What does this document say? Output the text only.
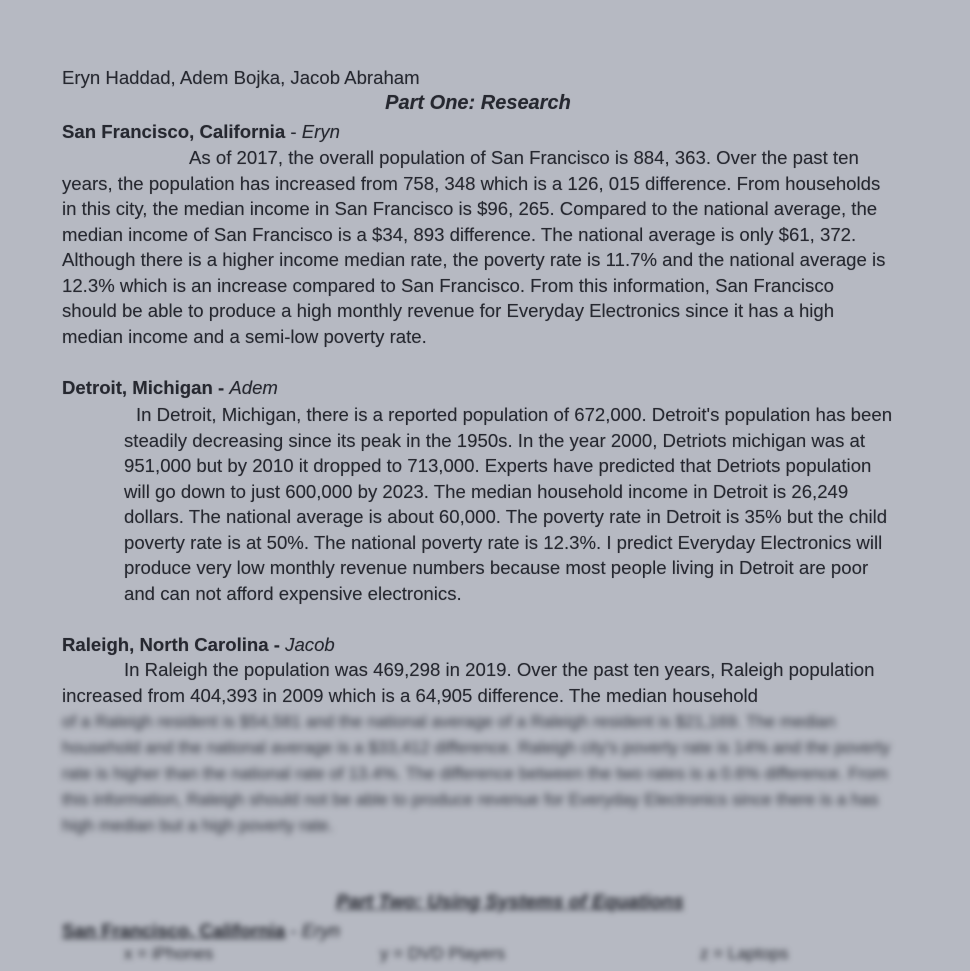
Eryn Haddad, Adem Bojka, Jacob Abraham
Part One: Research
San Francisco, California - Eryn
As of 2017, the overall population of San Francisco is 884, 363. Over the past ten years, the population has increased from 758, 348 which is a 126, 015 difference. From households in this city, the median income in San Francisco is $96, 265. Compared to the national average, the median income of San Francisco is a $34, 893 difference. The national average is only $61, 372. Although there is a higher income median rate, the poverty rate is 11.7% and the national average is 12.3% which is an increase compared to San Francisco. From this information, San Francisco should be able to produce a high monthly revenue for Everyday Electronics since it has a high median income and a semi-low poverty rate.
Detroit, Michigan - Adem
In Detroit, Michigan, there is a reported population of 672,000. Detroit's population has been steadily decreasing since its peak in the 1950s. In the year 2000, Detriots michigan was at 951,000 but by 2010 it dropped to 713,000. Experts have predicted that Detriots population will go down to just 600,000 by 2023. The median household income in Detroit is 26,249 dollars. The national average is about 60,000. The poverty rate in Detroit is 35% but the child poverty rate is at 50%. The national poverty rate is 12.3%. I predict Everyday Electronics will produce very low monthly revenue numbers because most people living in Detroit are poor and can not afford expensive electronics.
Raleigh, North Carolina - Jacob
In Raleigh the population was 469,298 in 2019. Over the past ten years, Raleigh population increased from 404,393 in 2009 which is a 64,905 difference. The median household
of a Raleigh resident is $54,581 and the national average of a Raleigh resident is $21,169. The median household and the national average is a $33,412 difference. Raleigh city's poverty rate is 14% and the poverty rate is higher than the national rate of 13.4%. The difference between the two rates is a 0.6% difference. From this information, Raleigh should not be able to produce revenue for Everyday Electronics since there is a has high median but a high poverty rate.
Part Two: Using Systems of Equations
San Francisco, California - Eryn
x = iPhones	y = DVD Players	z = Laptops
